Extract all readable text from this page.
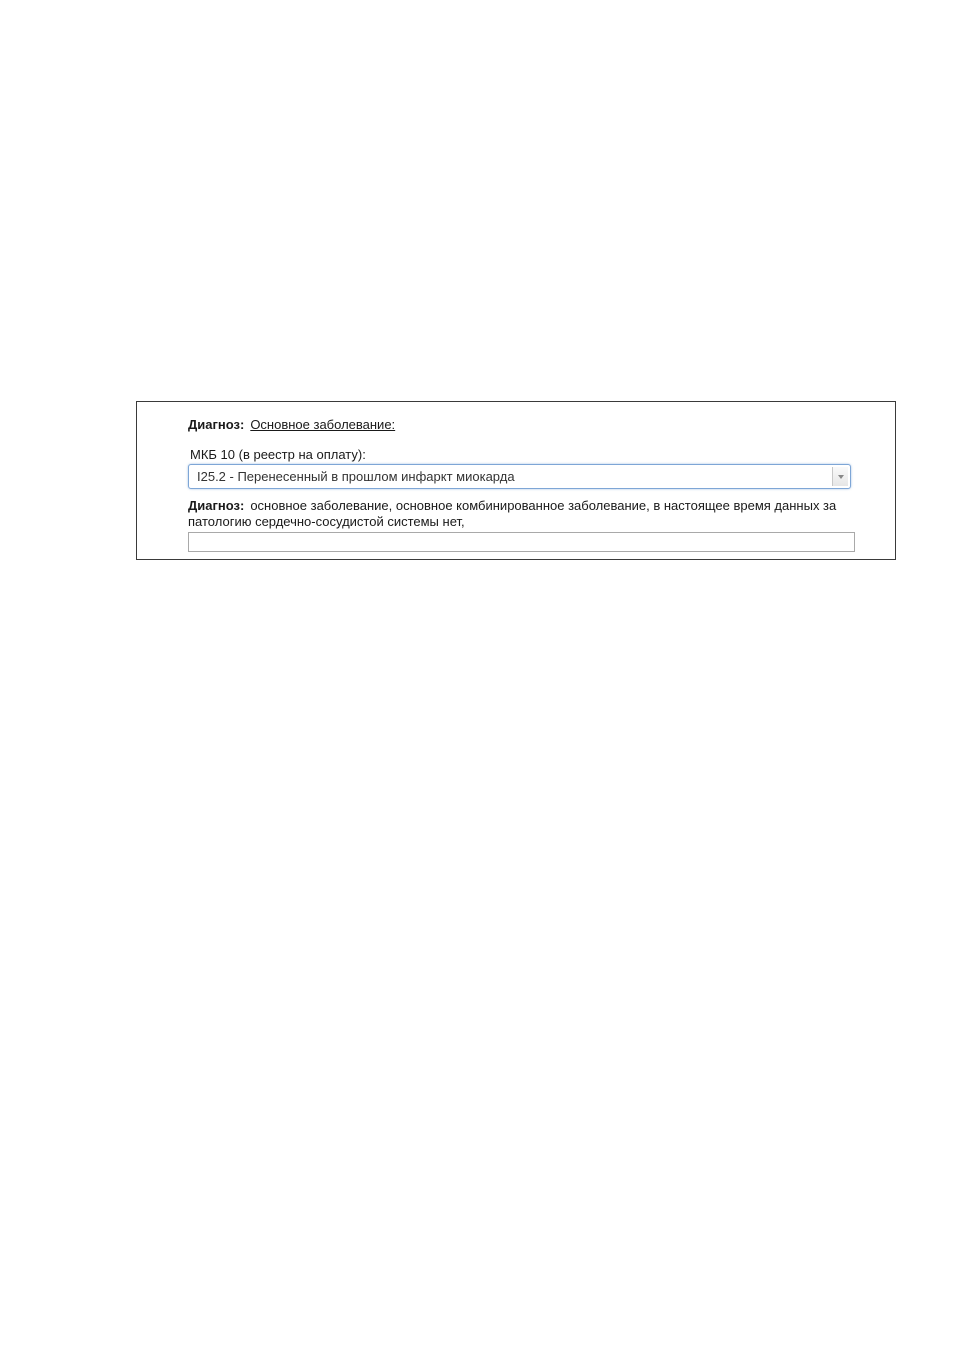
Диагноз: Основное заболевание:
МКБ 10 (в реестр на оплату):
I25.2 - Перенесенный в прошлом инфаркт миокарда
Диагноз: основное заболевание, основное комбинированное заболевание, в настоящее время данных за патологию сердечно-сосудистой системы нет,
